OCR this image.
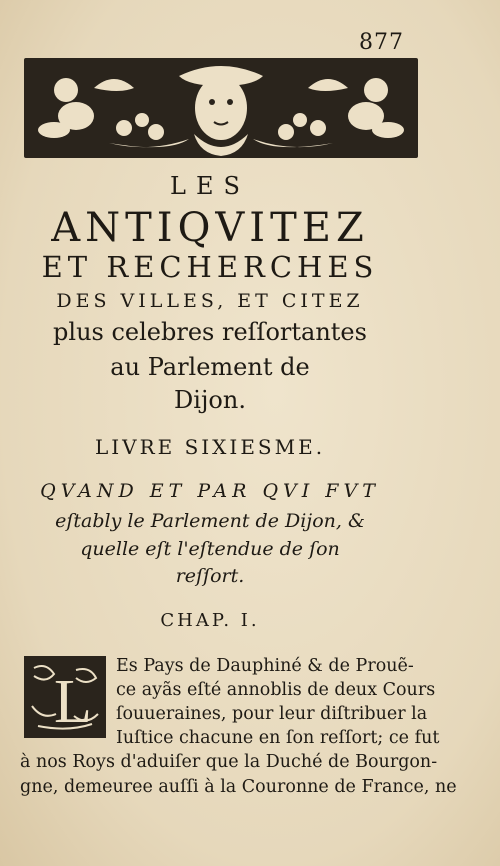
877
LES
ANTIQVITEZ
ET RECHERCHES
DES VILLES, ET CITEZ
plus celebres reſſortantes
au Parlement de
Dijon.
LIVRE SIXIESME.
QVAND ET PAR QVI FVT
eſtably le Parlement de Dijon, &
quelle eſt l'eſtendue de ſon
reſſort.
CHAP. I.
L
Es Pays de Dauphiné & de Prouẽ-
ce ayãs eſté annoblis de deux Cours
ſouueraines, pour leur diſtribuer la
Iuſtice chacune en ſon reſſort; ce fut
à nos Roys d'aduiſer que la Duché de Bourgon-
gne, demeuree auſſi à la Couronne de France, ne
